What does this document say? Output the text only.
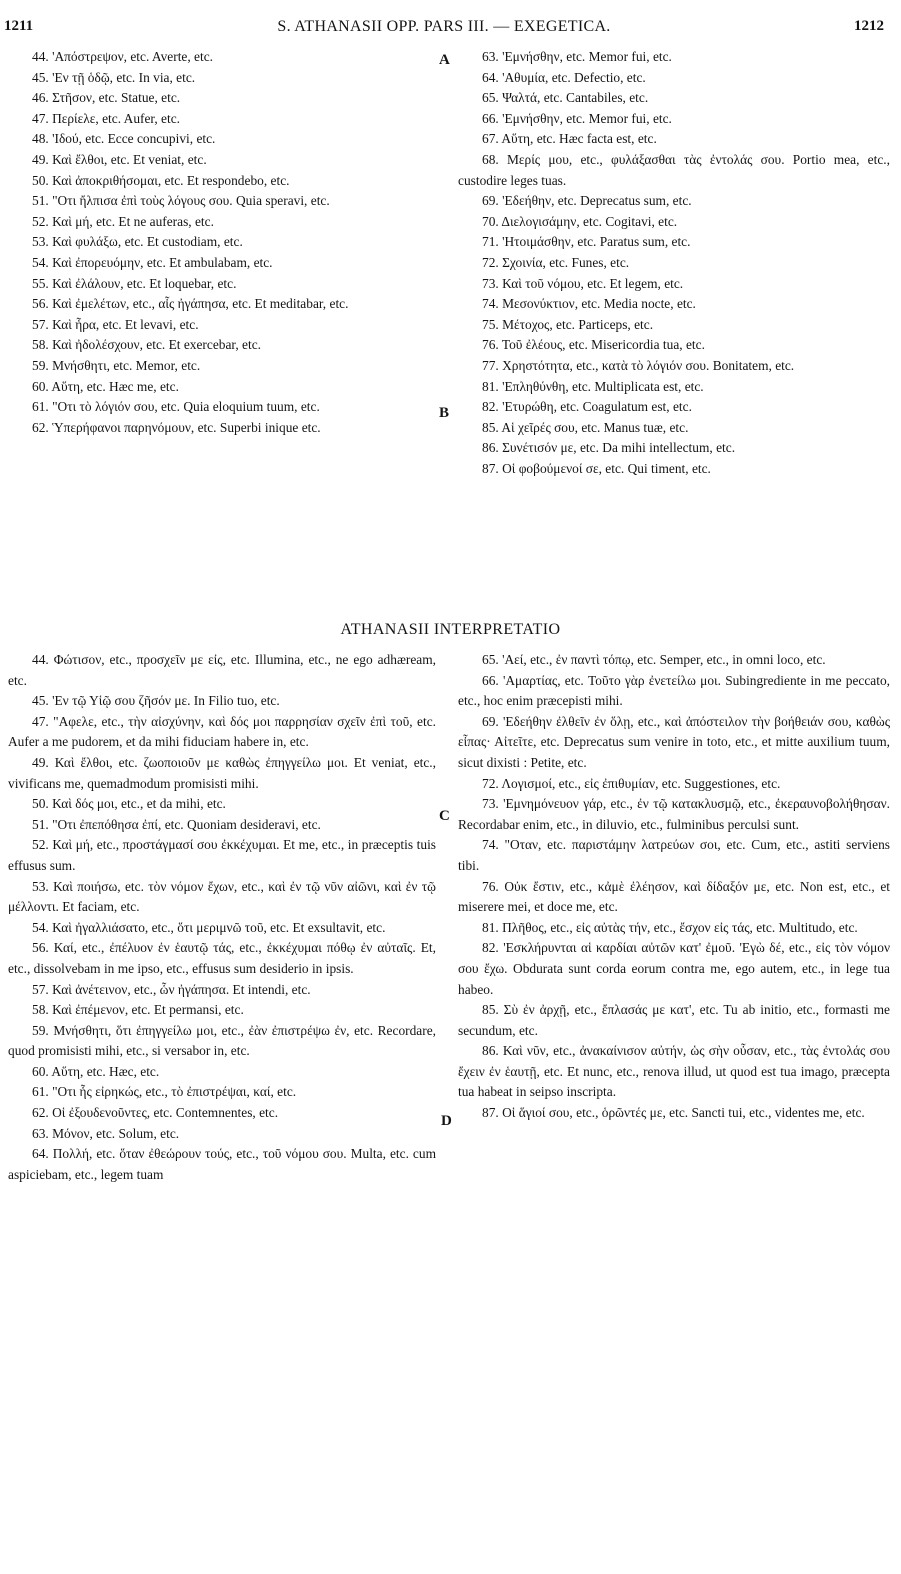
1211	S. ATHANASII OPP. PARS III. — EXEGETICA.	1212
A
B
C
D

44. 'Απόστρεψον, etc. Averte, etc.

45. 'Εν τῇ ὁδῷ, etc. In via, etc.

46. Στῆσον, etc. Statue, etc.

47. Περίελε, etc. Aufer, etc.

48. 'Ιδού, etc. Ecce concupivi, etc.

49. Καὶ ἔλθοι, etc. Et veniat, etc.

50. Καὶ ἀποκριθήσομαι, etc. Et respondebo, etc.

51. "Οτι ἤλπισα ἐπὶ τοὺς λόγους σου. Quia speravi, etc.

52. Καὶ μή, etc. Et ne auferas, etc.

53. Καὶ φυλάξω, etc. Et custodiam, etc.

54. Καὶ ἐπορευόμην, etc. Et ambulabam, etc.

55. Καὶ ἐλάλουν, etc. Et loquebar, etc.

56. Καὶ ἐμελέτων, etc., αἷς ἠγάπησα, etc. Et meditabar, etc.

57. Καὶ ἦρα, etc. Et levavi, etc.

58. Καὶ ἠδολέσχουν, etc. Et exercebar, etc.

59. Μνήσθητι, etc. Memor, etc.

60. Αὕτη, etc. Hæc me, etc.

61. "Οτι τὸ λόγιόν σου, etc. Quia eloquium tuum, etc.

62. Ὑπερήφανοι παρηνόμουν, etc. Superbi inique etc.

63. 'Εμνήσθην, etc. Memor fui, etc.

64. 'Αθυμία, etc. Defectio, etc.

65. Ψαλτά, etc. Cantabiles, etc.

66. 'Εμνήσθην, etc. Memor fui, etc.

67. Αὕτη, etc. Hæc facta est, etc.

68. Μερίς μου, etc., φυλάξασθαι τὰς ἐντολάς σου. Portio mea, etc., custodire leges tuas.

69. 'Εδεήθην, etc. Deprecatus sum, etc.

70. Διελογισάμην, etc. Cogitavi, etc.

71. 'Ητοιμάσθην, etc. Paratus sum, etc.

72. Σχοινία, etc. Funes, etc.

73. Καὶ τοῦ νόμου, etc. Et legem, etc.

74. Μεσονύκτιον, etc. Media nocte, etc.

75. Μέτοχος, etc. Particeps, etc.

76. Τοῦ ἐλέους, etc. Misericordia tua, etc.

77. Χρηστότητα, etc., κατὰ τὸ λόγιόν σου. Bonitatem, etc.

81. 'Επληθύνθη, etc. Multiplicata est, etc.

82. 'Ετυρώθη, etc. Coagulatum est, etc.

85. Αἱ χεῖρές σου, etc. Manus tuæ, etc.

86. Συνέτισόν με, etc. Da mihi intellectum, etc.

87. Οἱ φοβούμενοί σε, etc. Qui timent, etc.

ATHANASII INTERPRETATIO

44. Φώτισον, etc., προσχεῖν με εἰς, etc. Illumina, etc., ne ego adhæream, etc.

45. 'Εν τῷ Υἱῷ σου ζῆσόν με. In Filio tuo, etc.

47. "Αφελε, etc., τὴν αἰσχύνην, καὶ δός μοι παρρησίαν σχεῖν ἐπὶ τοῦ, etc. Aufer a me pudorem, et da mihi fiduciam habere in, etc.

49. Καὶ ἔλθοι, etc. ζωοποιοῦν με καθὼς ἐπηγγείλω μοι. Et veniat, etc., vivificans me, quemadmodum promisisti mihi.

50. Καὶ δός μοι, etc., et da mihi, etc.

51. "Οτι ἐπεπόθησα ἐπί, etc. Quoniam desideravi, etc.

52. Καὶ μή, etc., προστάγμασί σου ἐκκέχυμαι. Et me, etc., in præceptis tuis effusus sum.

53. Καὶ ποιήσω, etc. τὸν νόμον ἔχων, etc., καὶ ἐν τῷ νῦν αἰῶνι, καὶ ἐν τῷ μέλλοντι. Et faciam, etc.

54. Καὶ ἠγαλλιάσατο, etc., ὅτι μεριμνῶ τοῦ, etc. Et exsultavit, etc.

56. Καί, etc., ἐπέλυον ἐν ἑαυτῷ τάς, etc., ἐκκέχυμαι πόθῳ ἐν αὐταῖς. Et, etc., dissolvebam in me ipso, etc., effusus sum desiderio in ipsis.

57. Καὶ ἀνέτεινον, etc., ὧν ἠγάπησα. Et intendi, etc.

58. Καὶ ἐπέμενον, etc. Et permansi, etc.

59. Μνήσθητι, ὅτι ἐπηγγείλω μοι, etc., ἐὰν ἐπιστρέψω ἐν, etc. Recordare, quod promisisti mihi, etc., si versabor in, etc.

60. Αὕτη, etc. Hæc, etc.

61. "Οτι ἧς εἰρηκώς, etc., τὸ ἐπιστρέψαι, καί, etc.

62. Οἱ ἐξουδενοῦντες, etc. Contemnentes, etc.

63. Μόνον, etc. Solum, etc.

64. Πολλή, etc. ὅταν ἐθεώρουν τούς, etc., τοῦ νόμου σου. Multa, etc. cum aspiciebam, etc., legem tuam

65. 'Αεί, etc., ἐν παντὶ τόπῳ, etc. Semper, etc., in omni loco, etc.

66. 'Αμαρτίας, etc. Τοῦτο γὰρ ἐνετείλω μοι. Subingrediente in me peccato, etc., hoc enim præcepisti mihi.

69. 'Εδεήθην ἐλθεῖν ἐν ὅλῃ, etc., καὶ ἀπόστειλον τὴν βοήθειάν σου, καθὼς εἶπας· Αἰτεῖτε, etc. Deprecatus sum venire in toto, etc., et mitte auxilium tuum, sicut dixisti : Petite, etc.

72. Λογισμοί, etc., εἰς ἐπιθυμίαν, etc. Suggestiones, etc.

73. 'Εμνημόνευον γάρ, etc., ἐν τῷ κατακλυσμῷ, etc., ἐκεραυνοβολήθησαν. Recordabar enim, etc., in diluvio, etc., fulminibus perculsi sunt.

74. "Οταν, etc. παριστάμην λατρεύων σοι, etc. Cum, etc., astiti serviens tibi.

76. Οὐκ ἔστιν, etc., κἀμὲ ἐλέησον, καὶ δίδαξόν με, etc. Non est, etc., et miserere mei, et doce me, etc.

81. Πλῆθος, etc., εἰς αὐτὰς τήν, etc., ἔσχον εἰς τάς, etc. Multitudo, etc.

82. 'Εσκλήρυνται αἱ καρδίαι αὐτῶν κατ' ἐμοῦ. 'Εγὼ δέ, etc., εἰς τὸν νόμον σου ἔχω. Obdurata sunt corda eorum contra me, ego autem, etc., in lege tua habeo.

85. Σὺ ἐν ἀρχῇ, etc., ἔπλασάς με κατ', etc. Tu ab initio, etc., formasti me secundum, etc.

86. Καὶ νῦν, etc., ἀνακαίνισον αὐτήν, ὡς σὴν οὖσαν, etc., τὰς ἐντολάς σου ἔχειν ἐν ἑαυτῇ, etc. Et nunc, etc., renova illud, ut quod est tua imago, præcepta tua habeat in seipso inscripta.

87. Οἱ ἅγιοί σου, etc., ὁρῶντές με, etc. Sancti tui, etc., videntes me, etc.
